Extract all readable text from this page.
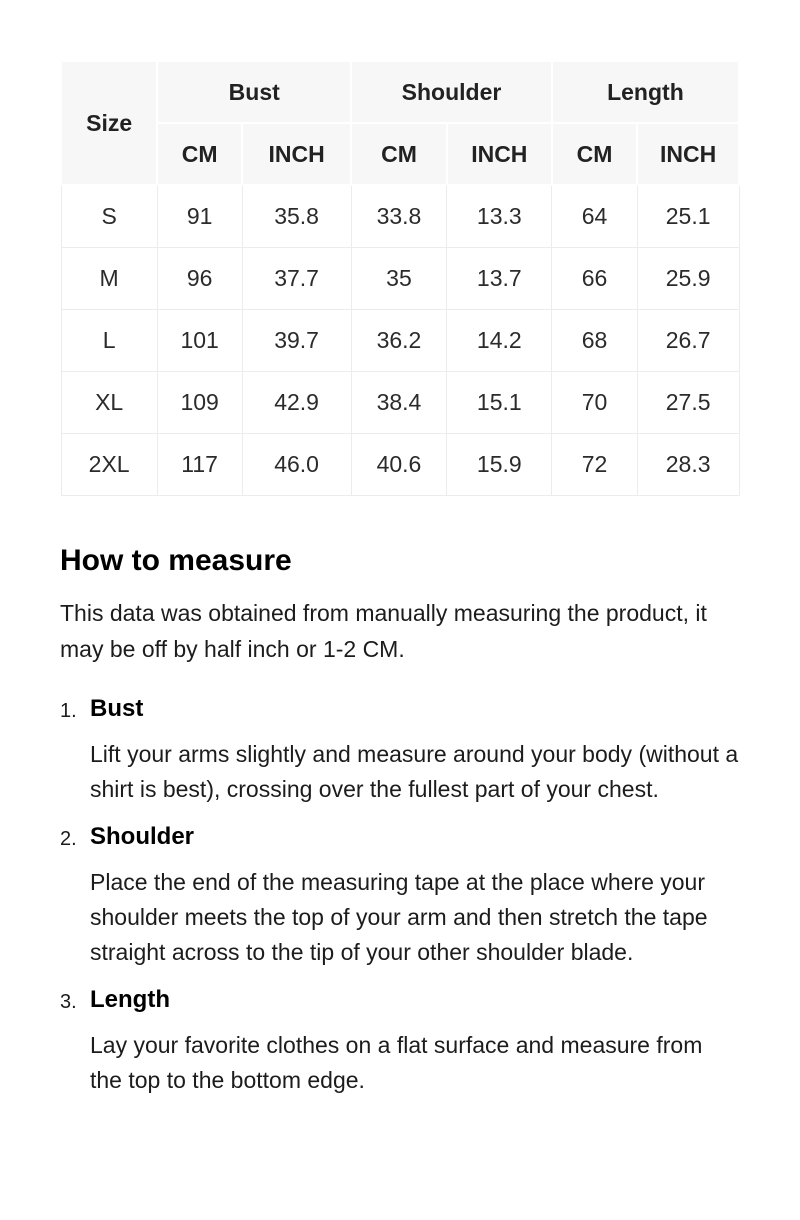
Size	Bust		Shoulder		Length	
	CM	INCH	CM	INCH	CM	INCH
S	91	35.8	33.8	13.3	64	25.1
M	96	37.7	35	13.7	66	25.9
L	101	39.7	36.2	14.2	68	26.7
XL	109	42.9	38.4	15.1	70	27.5
2XL	117	46.0	40.6	15.9	72	28.3
How to measure

This data was obtained from manually measuring the product, it may be off by half inch or 1-2 CM.

1. Bust
Lift your arms slightly and measure around your body (without a shirt is best), crossing over the fullest part of your chest.
2. Shoulder
Place the end of the measuring tape at the place where your shoulder meets the top of your arm and then stretch the tape straight across to the tip of your other shoulder blade.
3. Length
Lay your favorite clothes on a flat surface and measure from the top to the bottom edge.
